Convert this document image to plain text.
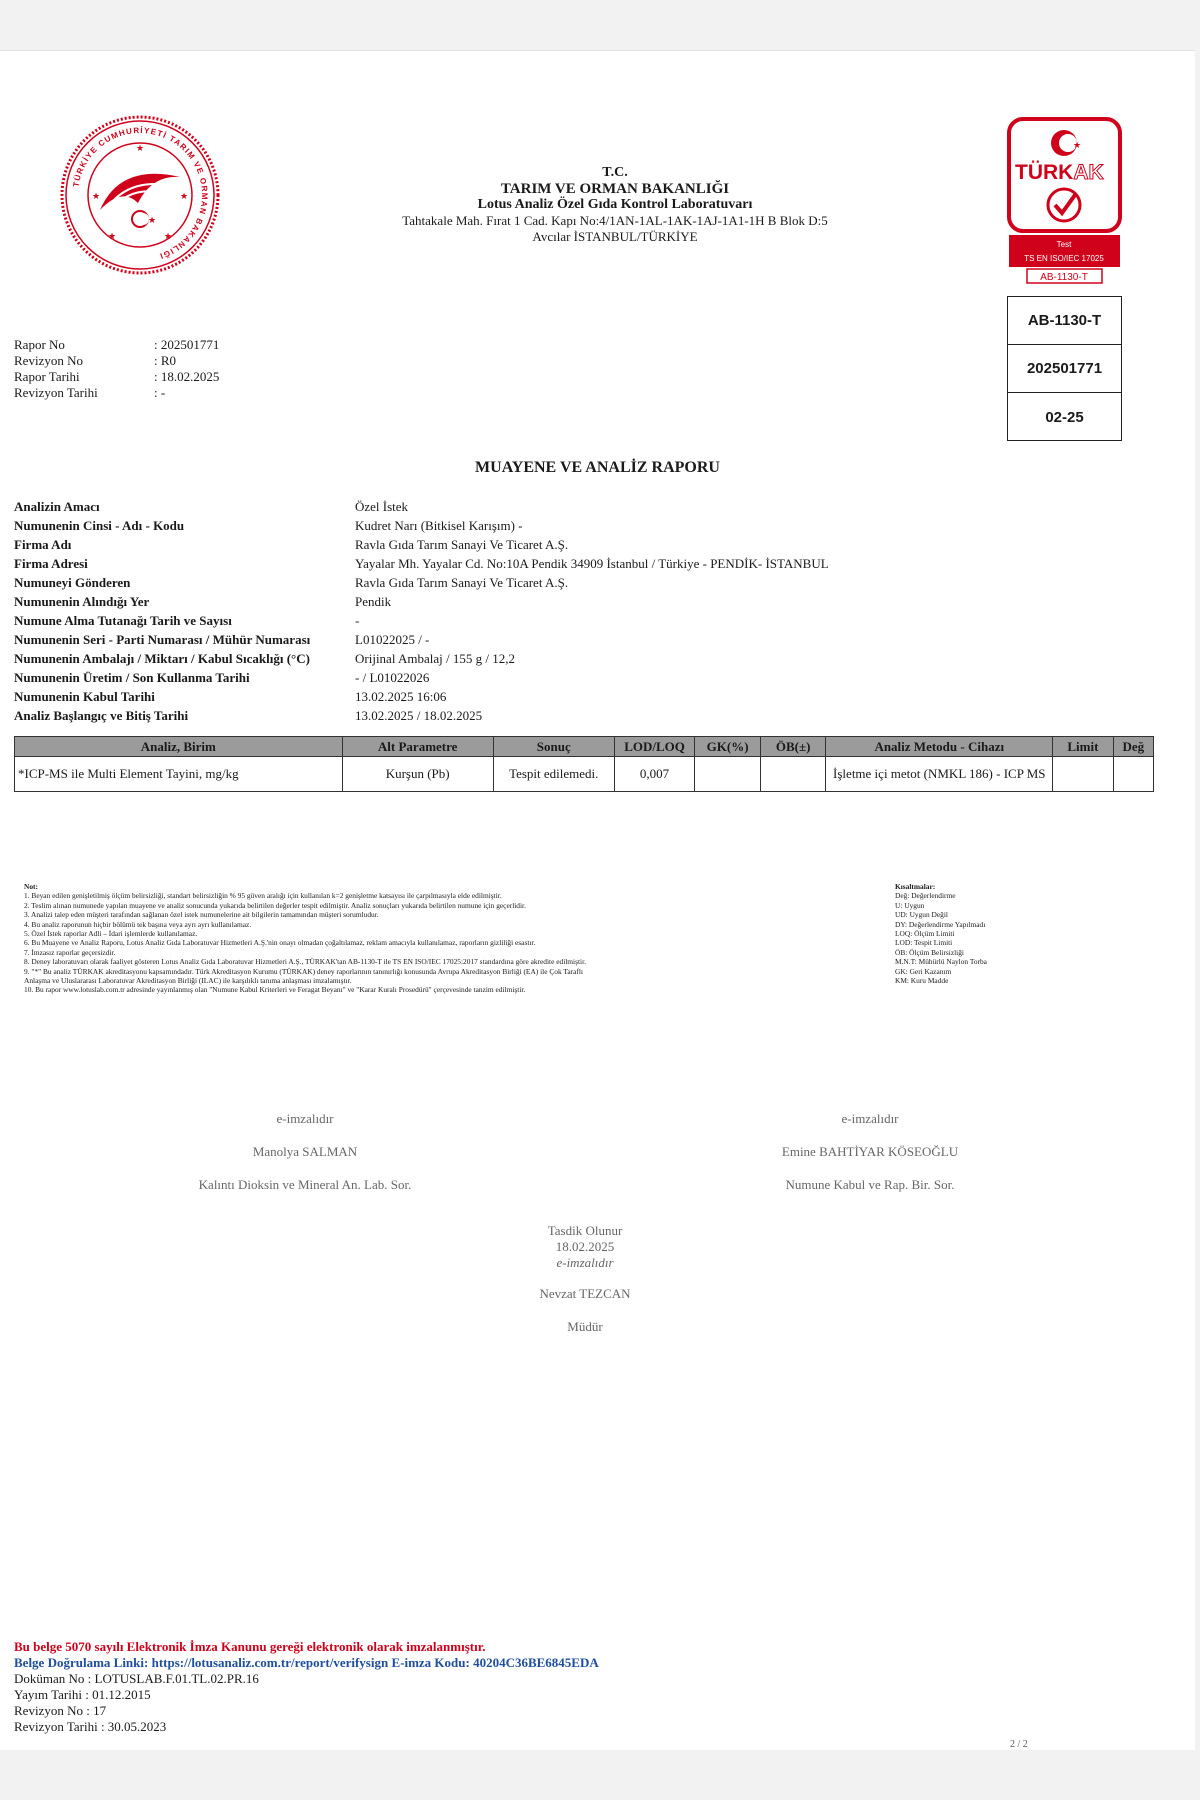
TÜRKİYE CUMHURİYETİ TARIM VE ORMAN BAKANLIĞI
★
★
★	★
★	★
T.C.
TARIM VE ORMAN BAKANLIĞI
Lotus Analiz Özel Gıda Kontrol Laboratuvarı
Tahtakale Mah. Fırat 1 Cad. Kapı No:4/1AN-1AL-1AK-1AJ-1A1-1H B Blok D:5
Avcılar İSTANBUL/TÜRKİYE
★
TÜRKAK
Test
TS EN ISO/IEC 17025
AB-1130-T
AB-1130-T
202501771
02-25
Rapor No	: 202501771
Revizyon No	: R0
Rapor Tarihi	: 18.02.2025
Revizyon Tarihi	: -
MUAYENE VE ANALİZ RAPORU
Analizin Amacı	Özel İstek
Numunenin Cinsi - Adı - Kodu	Kudret Narı (Bitkisel Karışım) -
Firma Adı	Ravla Gıda Tarım Sanayi Ve Ticaret A.Ş.
Firma Adresi	Yayalar Mh. Yayalar Cd. No:10A Pendik 34909 İstanbul / Türkiye - PENDİK- İSTANBUL
Numuneyi Gönderen	Ravla Gıda Tarım Sanayi Ve Ticaret A.Ş.
Numunenin Alındığı Yer	Pendik
Numune Alma Tutanağı Tarih ve Sayısı	-
Numunenin Seri - Parti Numarası / Mühür Numarası	L01022025 / -
Numunenin Ambalajı / Miktarı / Kabul Sıcaklığı (°C)	Orijinal Ambalaj / 155 g / 12,2
Numunenin Üretim / Son Kullanma Tarihi	- / L01022026
Numunenin Kabul Tarihi	13.02.2025 16:06
Analiz Başlangıç ve Bitiş Tarihi	13.02.2025 / 18.02.2025
Analiz, Birim	Alt Parametre	Sonuç	LOD/LOQ	GK(%)	ÖB(±)	Analiz Metodu - Cihazı	Limit	Değ
*ICP-MS ile Multi Element Tayini, mg/kg	Kurşun (Pb)	Tespit edilemedi.	0,007			İşletme içi metot (NMKL 186) - ICP MS		
Not:
1. Beyan edilen genişletilmiş ölçüm belirsizliği, standart belirsizliğin % 95 güven aralığı için kullanılan k=2 genişletme katsayısı ile çarpılmasıyla elde edilmiştir.
2. Teslim alınan numunede yapılan muayene ve analiz sonucunda yukarıda belirtilen değerler tespit edilmiştir. Analiz sonuçları yukarıda belirtilen numune için geçerlidir.
3. Analizi talep eden müşteri tarafından sağlanan özel istek numunelerine ait bilgilerin tamamından müşteri sorumludur.
4. Bu analiz raporunun hiçbir bölümü tek başına veya ayrı ayrı kullanılamaz.
5. Özel İstek raporlar Adli – İdari işlemlerde kullanılamaz.
6. Bu Muayene ve Analiz Raporu, Lotus Analiz Gıda Laboratuvar Hizmetleri A.Ş.'nin onayı olmadan çoğaltılamaz, reklam amacıyla kullanılamaz, raporların gizliliği esastır.
7. İmzasız raporlar geçersizdir.
8. Deney laboratuvarı olarak faaliyet gösteren Lotus Analiz Gıda Laboratuvar Hizmetleri A.Ş., TÜRKAK'tan AB-1130-T ile TS EN ISO/IEC 17025:2017 standardına göre akredite edilmiştir.
9. "*" Bu analiz TÜRKAK akreditasyonu kapsamındadır. Türk Akreditasyon Kurumu (TÜRKAK) deney raporlarının tanınırlığı konusunda Avrupa Akreditasyon Birliği (EA) ile Çok Taraflı
Anlaşma ve Uluslararası Laboratuvar Akreditasyon Birliği (ILAC) ile karşılıklı tanıma anlaşması imzalamıştır.
10. Bu rapor www.lotuslab.com.tr adresinde yayınlanmış olan "Numune Kabul Kriterleri ve Feragat Beyanı" ve "Karar Kuralı Prosedürü" çerçevesinde tanzim edilmiştir.
Kısaltmalar:
Değ: Değerlendirme
U: Uygun
UD: Uygun Değil
DY: Değerlendirme Yapılmadı
LOQ: Ölçüm Limiti
LOD: Tespit Limiti
ÖB: Ölçüm Belirsizliği
M.N.T: Mühürlü Naylon Torba
GK: Geri Kazanım
KM: Kuru Madde
e-imzalıdır
Manolya SALMAN
Kalıntı Dioksin ve Mineral An. Lab. Sor.
e-imzalıdır
Emine BAHTİYAR KÖSEOĞLU
Numune Kabul ve Rap. Bir. Sor.
Tasdik Olunur
18.02.2025
e-imzalıdır
Nevzat TEZCAN
Müdür
Bu belge 5070 sayılı Elektronik İmza Kanunu gereği elektronik olarak imzalanmıştır.
Belge Doğrulama Linki: https://lotusanaliz.com.tr/report/verifysign E-imza Kodu: 40204C36BE6845EDA
Doküman No : LOTUSLAB.F.01.TL.02.PR.16
Yayım Tarihi : 01.12.2015
Revizyon No : 17
Revizyon Tarihi : 30.05.2023
2 / 2
